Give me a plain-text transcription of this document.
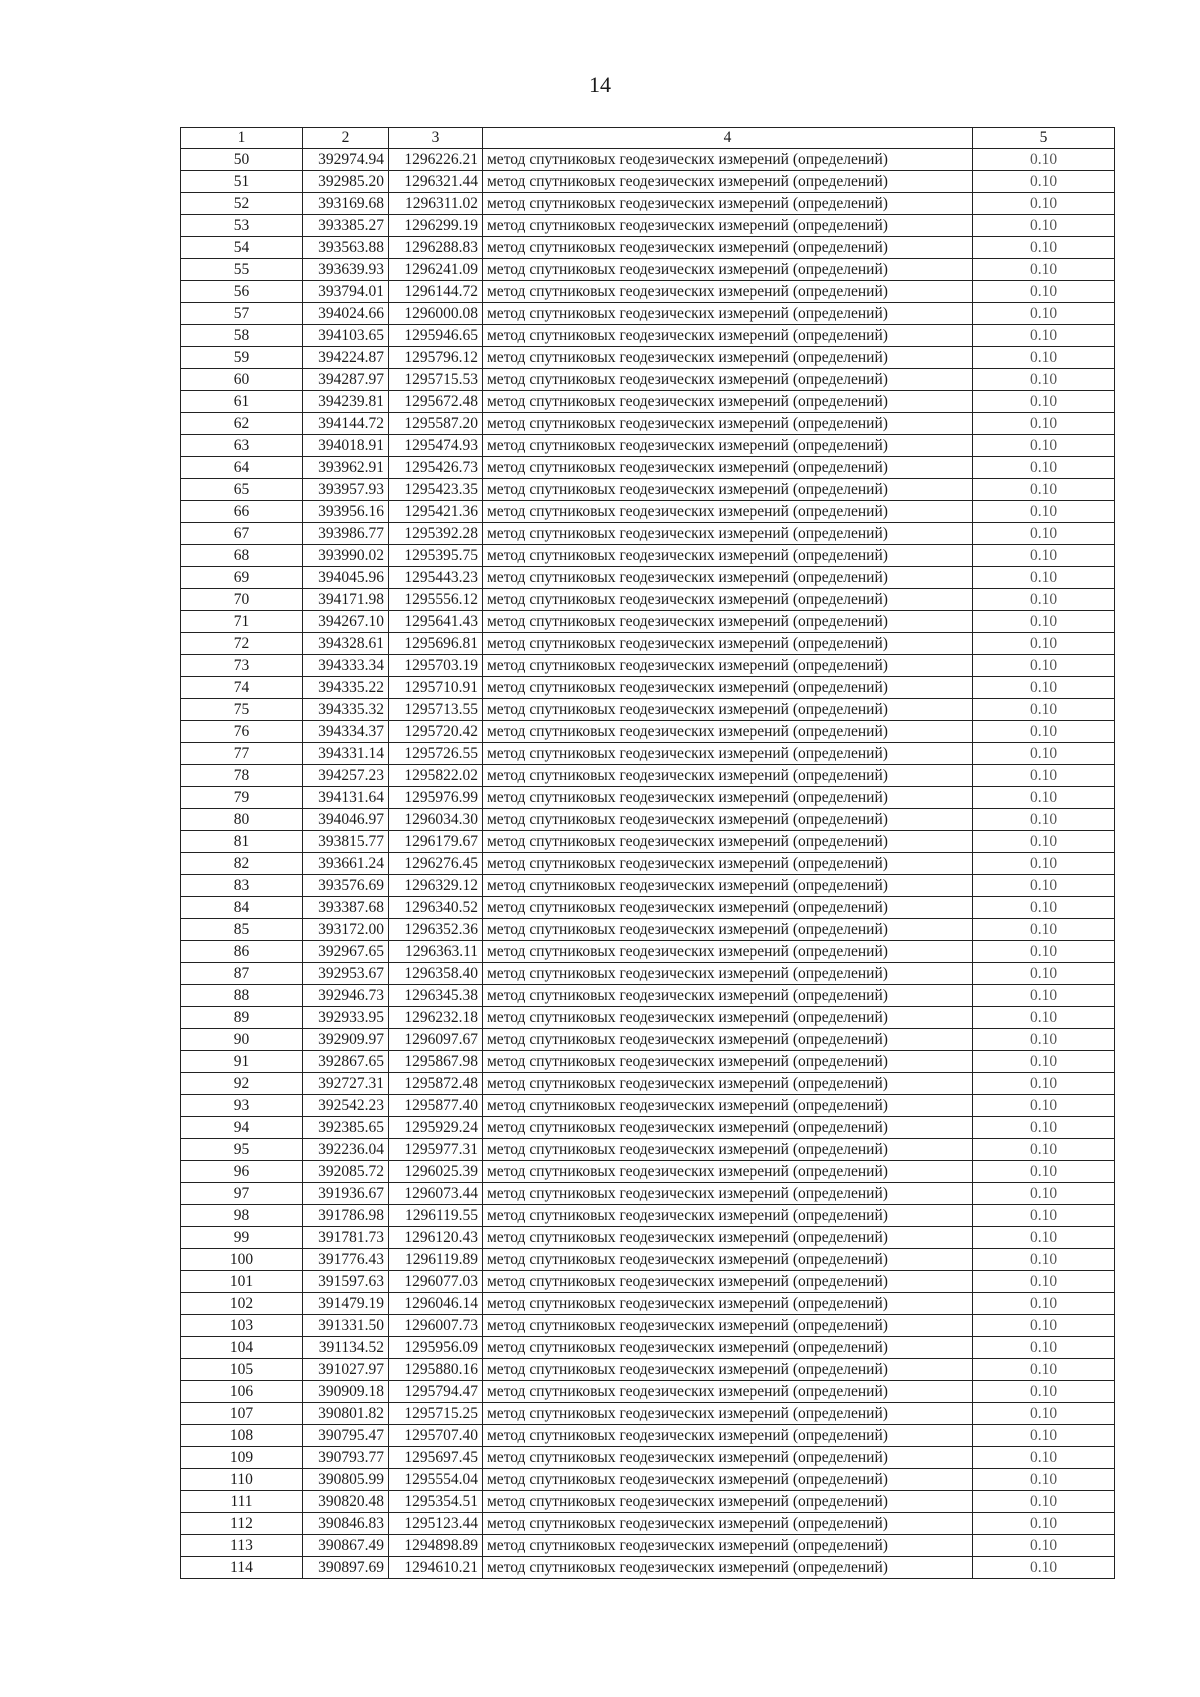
14
1	2	3	4	5
50	392974.94	1296226.21	метод спутниковых геодезических измерений (определений)	0.10
51	392985.20	1296321.44	метод спутниковых геодезических измерений (определений)	0.10
52	393169.68	1296311.02	метод спутниковых геодезических измерений (определений)	0.10
53	393385.27	1296299.19	метод спутниковых геодезических измерений (определений)	0.10
54	393563.88	1296288.83	метод спутниковых геодезических измерений (определений)	0.10
55	393639.93	1296241.09	метод спутниковых геодезических измерений (определений)	0.10
56	393794.01	1296144.72	метод спутниковых геодезических измерений (определений)	0.10
57	394024.66	1296000.08	метод спутниковых геодезических измерений (определений)	0.10
58	394103.65	1295946.65	метод спутниковых геодезических измерений (определений)	0.10
59	394224.87	1295796.12	метод спутниковых геодезических измерений (определений)	0.10
60	394287.97	1295715.53	метод спутниковых геодезических измерений (определений)	0.10
61	394239.81	1295672.48	метод спутниковых геодезических измерений (определений)	0.10
62	394144.72	1295587.20	метод спутниковых геодезических измерений (определений)	0.10
63	394018.91	1295474.93	метод спутниковых геодезических измерений (определений)	0.10
64	393962.91	1295426.73	метод спутниковых геодезических измерений (определений)	0.10
65	393957.93	1295423.35	метод спутниковых геодезических измерений (определений)	0.10
66	393956.16	1295421.36	метод спутниковых геодезических измерений (определений)	0.10
67	393986.77	1295392.28	метод спутниковых геодезических измерений (определений)	0.10
68	393990.02	1295395.75	метод спутниковых геодезических измерений (определений)	0.10
69	394045.96	1295443.23	метод спутниковых геодезических измерений (определений)	0.10
70	394171.98	1295556.12	метод спутниковых геодезических измерений (определений)	0.10
71	394267.10	1295641.43	метод спутниковых геодезических измерений (определений)	0.10
72	394328.61	1295696.81	метод спутниковых геодезических измерений (определений)	0.10
73	394333.34	1295703.19	метод спутниковых геодезических измерений (определений)	0.10
74	394335.22	1295710.91	метод спутниковых геодезических измерений (определений)	0.10
75	394335.32	1295713.55	метод спутниковых геодезических измерений (определений)	0.10
76	394334.37	1295720.42	метод спутниковых геодезических измерений (определений)	0.10
77	394331.14	1295726.55	метод спутниковых геодезических измерений (определений)	0.10
78	394257.23	1295822.02	метод спутниковых геодезических измерений (определений)	0.10
79	394131.64	1295976.99	метод спутниковых геодезических измерений (определений)	0.10
80	394046.97	1296034.30	метод спутниковых геодезических измерений (определений)	0.10
81	393815.77	1296179.67	метод спутниковых геодезических измерений (определений)	0.10
82	393661.24	1296276.45	метод спутниковых геодезических измерений (определений)	0.10
83	393576.69	1296329.12	метод спутниковых геодезических измерений (определений)	0.10
84	393387.68	1296340.52	метод спутниковых геодезических измерений (определений)	0.10
85	393172.00	1296352.36	метод спутниковых геодезических измерений (определений)	0.10
86	392967.65	1296363.11	метод спутниковых геодезических измерений (определений)	0.10
87	392953.67	1296358.40	метод спутниковых геодезических измерений (определений)	0.10
88	392946.73	1296345.38	метод спутниковых геодезических измерений (определений)	0.10
89	392933.95	1296232.18	метод спутниковых геодезических измерений (определений)	0.10
90	392909.97	1296097.67	метод спутниковых геодезических измерений (определений)	0.10
91	392867.65	1295867.98	метод спутниковых геодезических измерений (определений)	0.10
92	392727.31	1295872.48	метод спутниковых геодезических измерений (определений)	0.10
93	392542.23	1295877.40	метод спутниковых геодезических измерений (определений)	0.10
94	392385.65	1295929.24	метод спутниковых геодезических измерений (определений)	0.10
95	392236.04	1295977.31	метод спутниковых геодезических измерений (определений)	0.10
96	392085.72	1296025.39	метод спутниковых геодезических измерений (определений)	0.10
97	391936.67	1296073.44	метод спутниковых геодезических измерений (определений)	0.10
98	391786.98	1296119.55	метод спутниковых геодезических измерений (определений)	0.10
99	391781.73	1296120.43	метод спутниковых геодезических измерений (определений)	0.10
100	391776.43	1296119.89	метод спутниковых геодезических измерений (определений)	0.10
101	391597.63	1296077.03	метод спутниковых геодезических измерений (определений)	0.10
102	391479.19	1296046.14	метод спутниковых геодезических измерений (определений)	0.10
103	391331.50	1296007.73	метод спутниковых геодезических измерений (определений)	0.10
104	391134.52	1295956.09	метод спутниковых геодезических измерений (определений)	0.10
105	391027.97	1295880.16	метод спутниковых геодезических измерений (определений)	0.10
106	390909.18	1295794.47	метод спутниковых геодезических измерений (определений)	0.10
107	390801.82	1295715.25	метод спутниковых геодезических измерений (определений)	0.10
108	390795.47	1295707.40	метод спутниковых геодезических измерений (определений)	0.10
109	390793.77	1295697.45	метод спутниковых геодезических измерений (определений)	0.10
110	390805.99	1295554.04	метод спутниковых геодезических измерений (определений)	0.10
111	390820.48	1295354.51	метод спутниковых геодезических измерений (определений)	0.10
112	390846.83	1295123.44	метод спутниковых геодезических измерений (определений)	0.10
113	390867.49	1294898.89	метод спутниковых геодезических измерений (определений)	0.10
114	390897.69	1294610.21	метод спутниковых геодезических измерений (определений)	0.10
